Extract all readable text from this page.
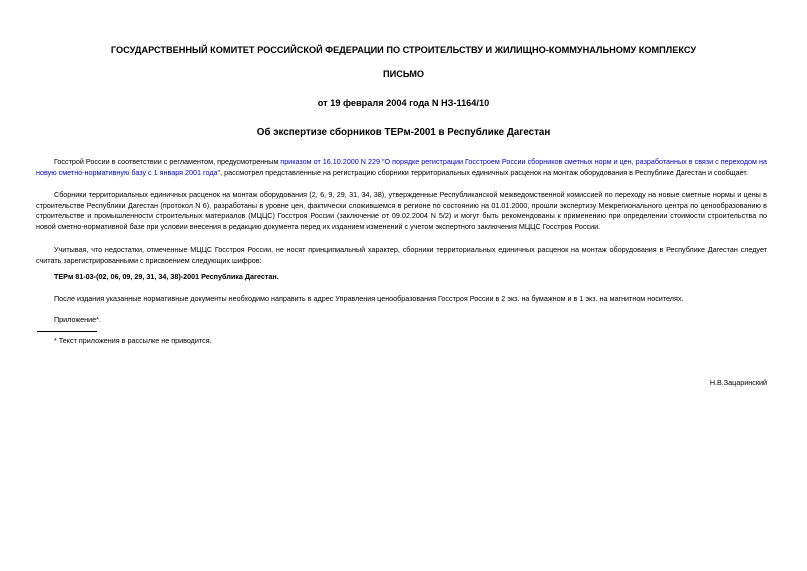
ГОСУДАРСТВЕННЫЙ КОМИТЕТ РОССИЙСКОЙ ФЕДЕРАЦИИ ПО СТРОИТЕЛЬСТВУ И ЖИЛИЩНО-КОММУНАЛЬНОМУ КОМПЛЕКСУ
ПИСЬМО
от 19 февраля 2004 года N НЗ-1164/10
Об экспертизе сборников ТЕРм-2001 в Республике Дагестан
Госстрой России в соответствии с регламентом, предусмотренным приказом от 16.10.2000 N 229 "О порядке регистрации Госстроем России сборников сметных норм и цен, разработанных в связи с переходом на новую сметно-нормативную базу с 1 января 2001 года", рассмотрел представленные на регистрацию сборники территориальных единичных расценок на монтаж оборудования в Республике Дагестан и сообщает.
Сборники территориальных единичных расценок на монтаж оборудования (2, 6, 9, 29, 31, 34, 38), утвержденные Республиканской межведомственной комиссией по переходу на новые сметные нормы и цены в строительстве Республики Дагестан (протокол N 6), разработаны в уровне цен, фактически сложившемся в регионе по состоянию на 01.01.2000, прошли экспертизу Межрегионального центра по ценообразованию в строительстве и промышленности строительных материалов (МЦЦС) Госстроя России (заключение от 09.02.2004 N 5/2) и могут быть рекомендованы к применению при определении стоимости строительства по новой сметно-нормативной базе при условии внесения в редакцию документа перед их изданием изменений с учетом экспертного заключения МЦЦС Госстроя России.
Учитывая, что недостатки, отмеченные МЦЦС Госстроя России, не носят принципиальный характер, сборники территориальных единичных расценок на монтаж оборудования в Республике Дагестан следует считать зарегистрированными с присвоением следующих шифров:
ТЕРм 81-03-(02, 06, 09, 29, 31, 34, 38)-2001 Республика Дагестан.
После издания указанные нормативные документы необходимо направить в адрес Управления ценообразования Госстроя России в 2 экз. на бумажном и в 1 экз. на магнитном носителях.
Приложение*.
* Текст приложения в рассылке не приводится.
Н.В.Зацаринский
